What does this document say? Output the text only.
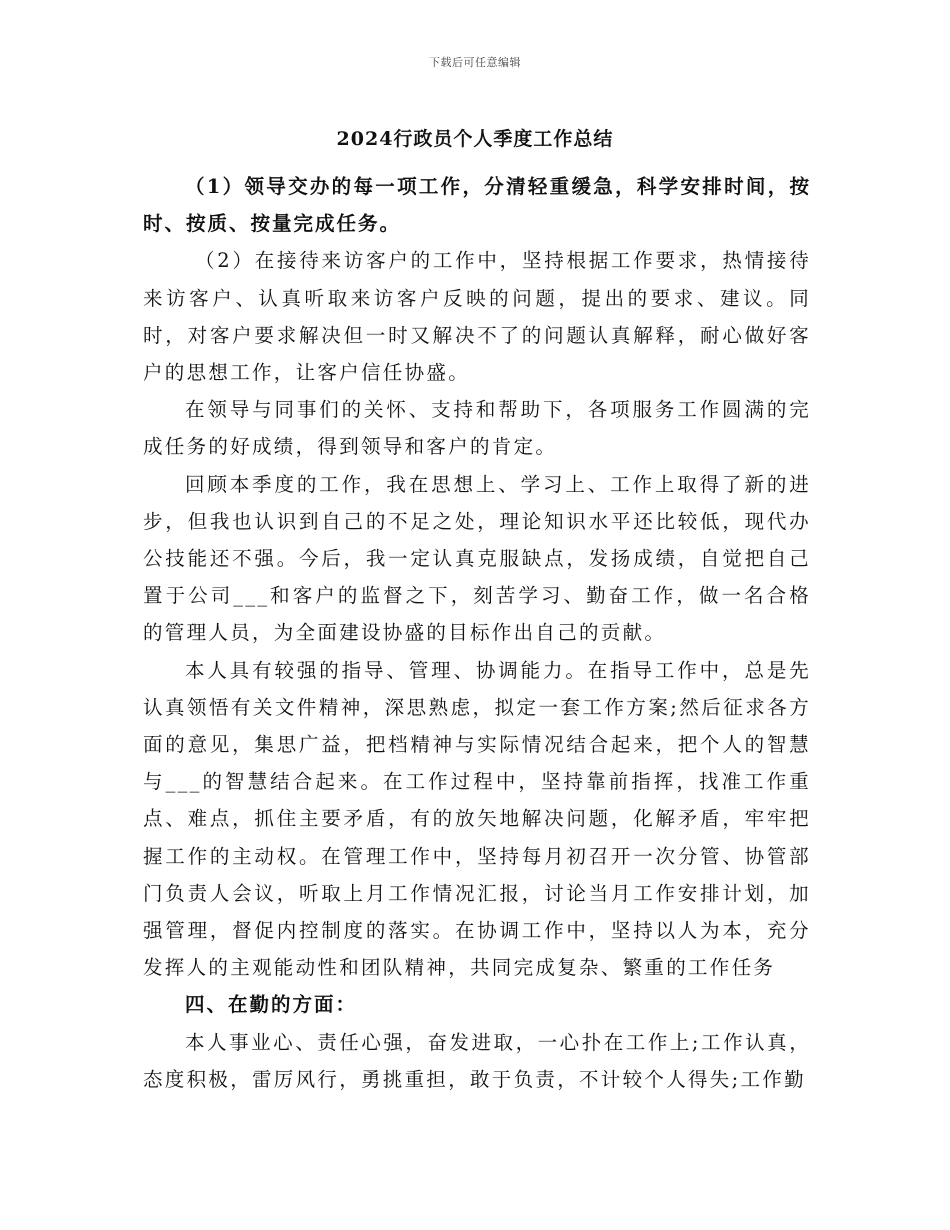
下载后可任意编辑
2024行政员个人季度工作总结

（1）领导交办的每一项工作，分清轻重缓急，科学安排时间，按时、按质、按量完成任务。

（2）在接待来访客户的工作中，坚持根据工作要求，热情接待来访客户、认真听取来访客户反映的问题，提出的要求、建议。同时，对客户要求解决但一时又解决不了的问题认真解释，耐心做好客户的思想工作，让客户信任协盛。

在领导与同事们的关怀、支持和帮助下，各项服务工作圆满的完成任务的好成绩，得到领导和客户的肯定。

回顾本季度的工作，我在思想上、学习上、工作上取得了新的进步，但我也认识到自己的不足之处，理论知识水平还比较低，现代办公技能还不强。今后，我一定认真克服缺点，发扬成绩，自觉把自己置于公司___和客户的监督之下，刻苦学习、勤奋工作，做一名合格的管理人员，为全面建设协盛的目标作出自己的贡献。

本人具有较强的指导、管理、协调能力。在指导工作中，总是先认真领悟有关文件精神，深思熟虑，拟定一套工作方案;然后征求各方面的意见，集思广益，把档精神与实际情况结合起来，把个人的智慧与___的智慧结合起来。在工作过程中，坚持靠前指挥，找准工作重点、难点，抓住主要矛盾，有的放矢地解决问题，化解矛盾，牢牢把握工作的主动权。在管理工作中，坚持每月初召开一次分管、协管部门负责人会议，听取上月工作情况汇报，讨论当月工作安排计划，加强管理，督促内控制度的落实。在协调工作中，坚持以人为本，充分发挥人的主观能动性和团队精神，共同完成复杂、繁重的工作任务

四、在勤的方面：

本人事业心、责任心强，奋发进取，一心扑在工作上;工作认真，态度积极，雷厉风行，勇挑重担，敢于负责，不计较个人得失;工作勤
